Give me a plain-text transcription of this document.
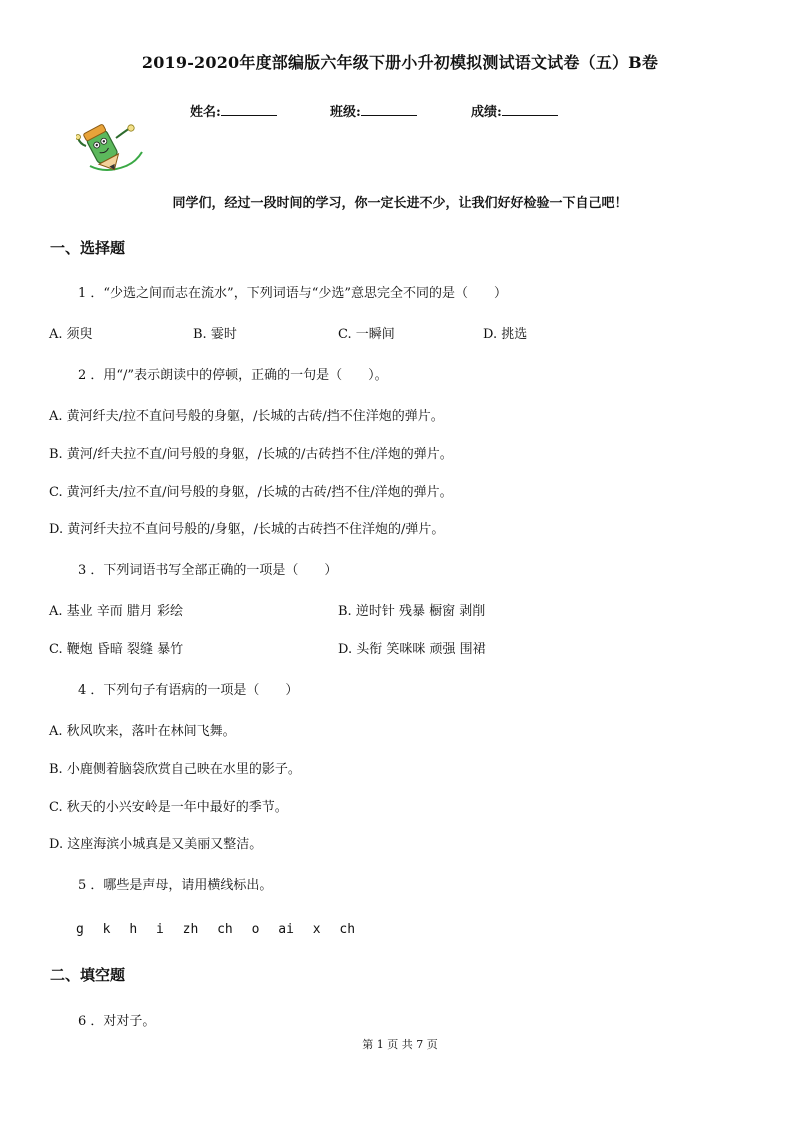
2019-2020年度部编版六年级下册小升初模拟测试语文试卷（五）B卷
姓名:	班级:	成绩:
同学们，经过一段时间的学习，你一定长进不少，让我们好好检验一下自己吧！
一、选择题
1 ．“少选之间而志在流水”，下列词语与“少选”意思完全不同的是（　　）
A. 须臾	B. 霎时	C. 一瞬间	D. 挑选
2 ．用“/”表示朗读中的停顿，正确的一句是（　　）。
A. 黄河纤夫/拉不直问号般的身躯，/长城的古砖/挡不住洋炮的弹片。
B. 黄河/纤夫拉不直/问号般的身躯，/长城的/古砖挡不住/洋炮的弹片。
C. 黄河纤夫/拉不直/问号般的身躯，/长城的古砖/挡不住/洋炮的弹片。
D. 黄河纤夫拉不直问号般的/身躯，/长城的古砖挡不住洋炮的/弹片。
3 ．下列词语书写全部正确的一项是（　　）
A. 基业 辛而 腊月 彩绘	B. 逆时针 残暴 橱窗 剥削
C. 鞭炮 昏暗 裂缝 暴竹	D. 头衔 笑咪咪 顽强 围裙
4 ．下列句子有语病的一项是（　　）
A. 秋风吹来，落叶在林间飞舞。
B. 小鹿侧着脑袋欣赏自己映在水里的影子。
C. 秋天的小兴安岭是一年中最好的季节。
D. 这座海滨小城真是又美丽又整洁。
5 ．哪些是声母，请用横线标出。
g k h i zh ch o ai x ch
二、填空题
6 ．对对子。
第 1 页 共 7 页
